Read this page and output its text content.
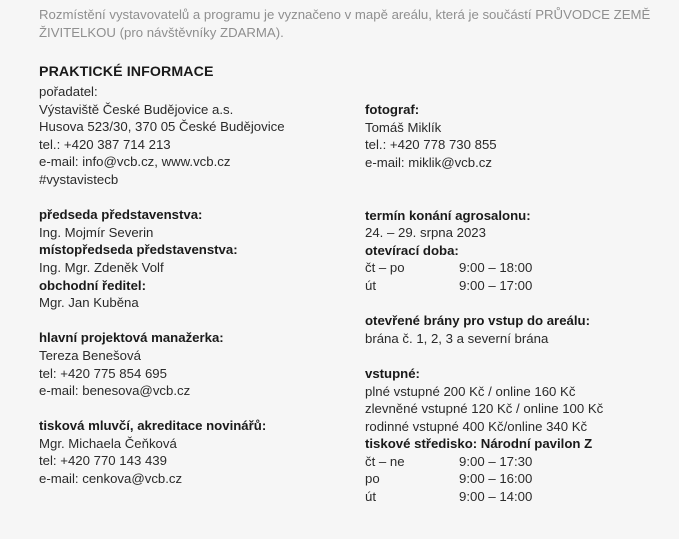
Rozmístění vystavovatelů a programu je vyznačeno v mapě areálu, která je součástí PRŮVODCE ZEMĚ ŽIVITELKOU (pro návštěvníky ZDARMA).
PRAKTICKÉ INFORMACE
pořadatel:
Výstaviště České Budějovice a.s.
Husova 523/30, 370 05 České Budějovice
tel.: +420 387 714 213
e-mail: info@vcb.cz, www.vcb.cz
#vystavistecb
předseda představenstva:
Ing. Mojmír Severin
místopředseda představenstva:
Ing. Mgr. Zdeněk Volf
obchodní ředitel:
Mgr. Jan Kuběna
hlavní projektová manažerka:
Tereza Benešová
tel: +420 775 854 695
e-mail: benesova@vcb.cz
tisková mluvčí, akreditace novinářů:
Mgr. Michaela Čeňková
tel: +420 770 143 439
e-mail: cenkova@vcb.cz
fotograf:
Tomáš Miklík
tel.: +420 778 730 855
e-mail: miklik@vcb.cz
termín konání agrosalonu:
24. – 29. srpna 2023
otevírací doba:
čt – po	9:00 – 18:00
út	9:00 – 17:00
otevřené brány pro vstup do areálu:
brána č. 1, 2, 3 a severní brána
vstupné:
plné vstupné 200 Kč / online 160 Kč
zlevněné vstupné 120 Kč / online 100 Kč
rodinné vstupné 400 Kč/online 340 Kč
tiskové středisko: Národní pavilon Z
čt – ne	9:00 – 17:30
po	9:00 – 16:00
út	9:00 – 14:00
